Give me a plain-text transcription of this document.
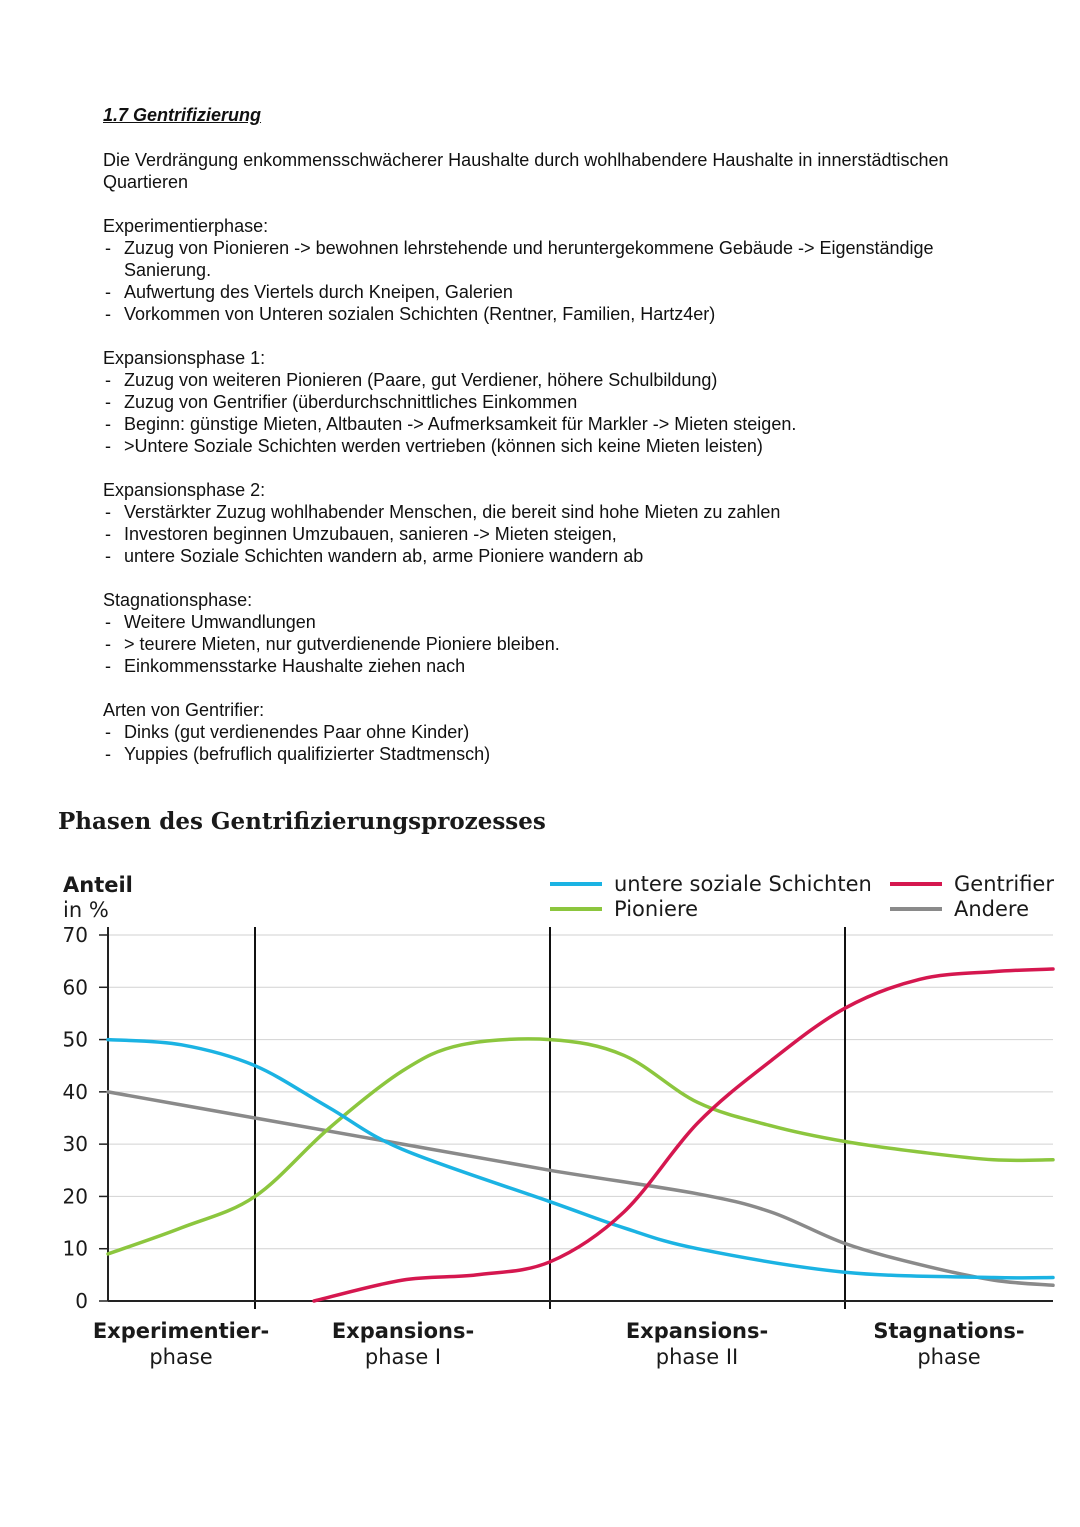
1.7 Gentrifizierung

Die Verdrängung enkommensschwächerer Haushalte durch wohlhabendere Haushalte in innerstädtischen Quartieren

Experimentierphase:
- Zuzug von Pionieren -> bewohnen lehrstehende und heruntergekommene Gebäude -> Eigenständige Sanierung.
- Aufwertung des Viertels durch Kneipen, Galerien
- Vorkommen von Unteren sozialen Schichten (Rentner, Familien, Hartz4er)
Expansionsphase 1:
- Zuzug von weiteren Pionieren (Paare, gut Verdiener, höhere Schulbildung)
- Zuzug von Gentrifier (überdurchschnittliches Einkommen
- Beginn: günstige Mieten, Altbauten -> Aufmerksamkeit für Markler -> Mieten steigen.
- >Untere Soziale Schichten werden vertrieben (können sich keine Mieten leisten)
Expansionsphase 2:
- Verstärkter Zuzug wohlhabender Menschen, die bereit sind hohe Mieten zu zahlen
- Investoren beginnen Umzubauen, sanieren -> Mieten steigen,
- untere Soziale Schichten wandern ab, arme Pioniere wandern ab
Stagnationsphase:
- Weitere Umwandlungen
- > teurere Mieten, nur gutverdienende Pioniere bleiben.
- Einkommensstarke Haushalte ziehen nach
Arten von Gentrifier:
- Dinks (gut verdienendes Paar ohne Kinder)
- Yuppies (befruflich qualifizierter Stadtmensch)
Phasen des Gentrifizierungsprozesses
0
10
20
30
40
50
60
70
Anteil
in %
untere soziale Schichten
Pioniere
Gentrifier
Andere
Experimentier-
phase
Expansions-
phase I
Expansions-
phase II
Stagnations-
phase
